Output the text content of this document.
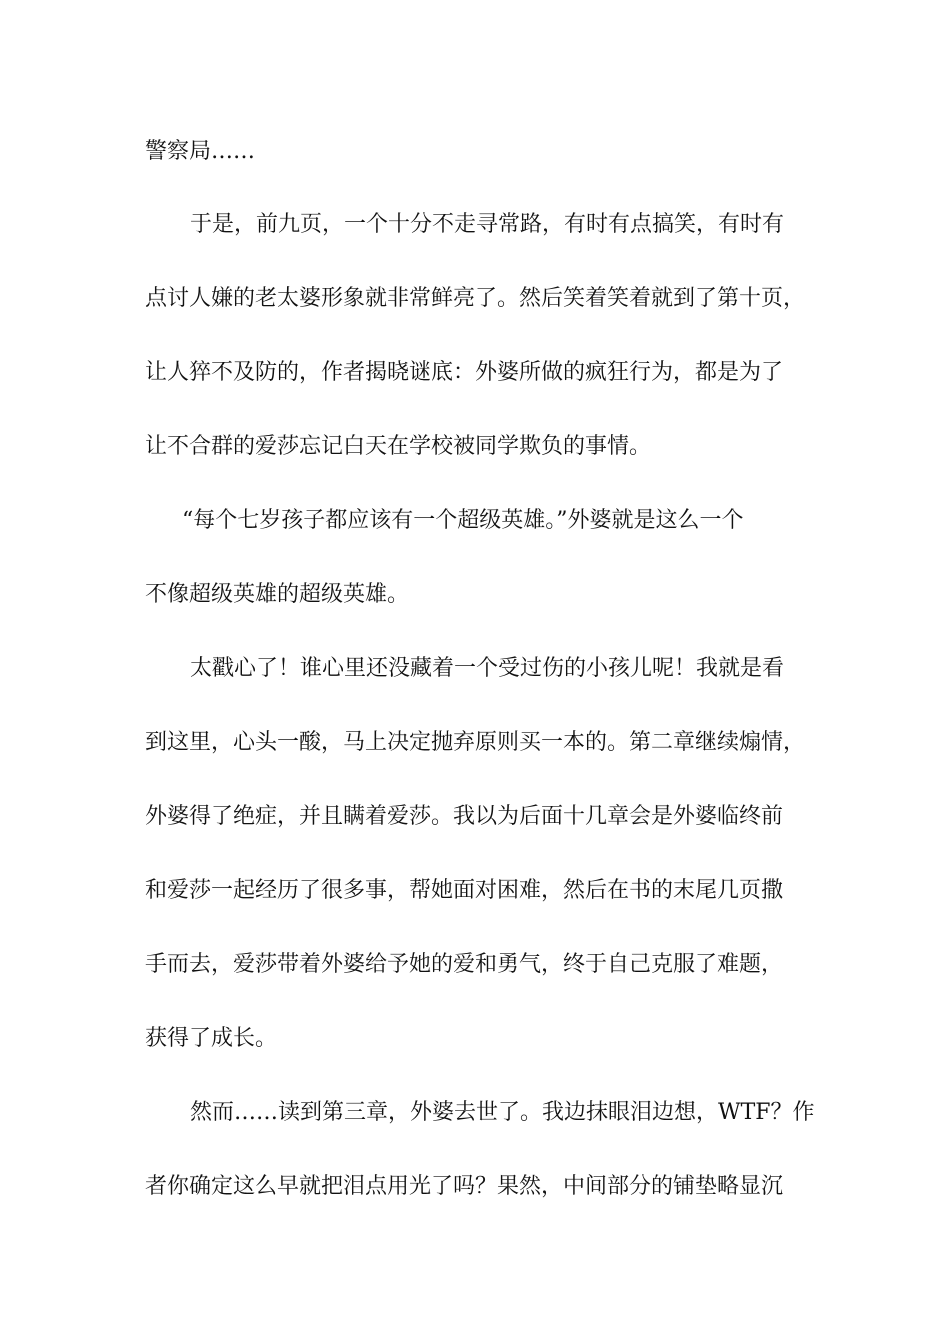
警察局……
于是，前九页，一个十分不走寻常路，有时有点搞笑，有时有
点讨人嫌的老太婆形象就非常鲜亮了。然后笑着笑着就到了第十页，
让人猝不及防的，作者揭晓谜底：外婆所做的疯狂行为，都是为了
让不合群的爱莎忘记白天在学校被同学欺负的事情。
“每个七岁孩子都应该有一个超级英雄。”外婆就是这么一个
不像超级英雄的超级英雄。
太戳心了！谁心里还没藏着一个受过伤的小孩儿呢！我就是看
到这里，心头一酸，马上决定抛弃原则买一本的。第二章继续煽情，
外婆得了绝症，并且瞒着爱莎。我以为后面十几章会是外婆临终前
和爱莎一起经历了很多事，帮她面对困难，然后在书的末尾几页撒
手而去，爱莎带着外婆给予她的爱和勇气，终于自己克服了难题，
获得了成长。
然而……读到第三章，外婆去世了。我边抹眼泪边想，WTF？作
者你确定这么早就把泪点用光了吗？果然，中间部分的铺垫略显沉
